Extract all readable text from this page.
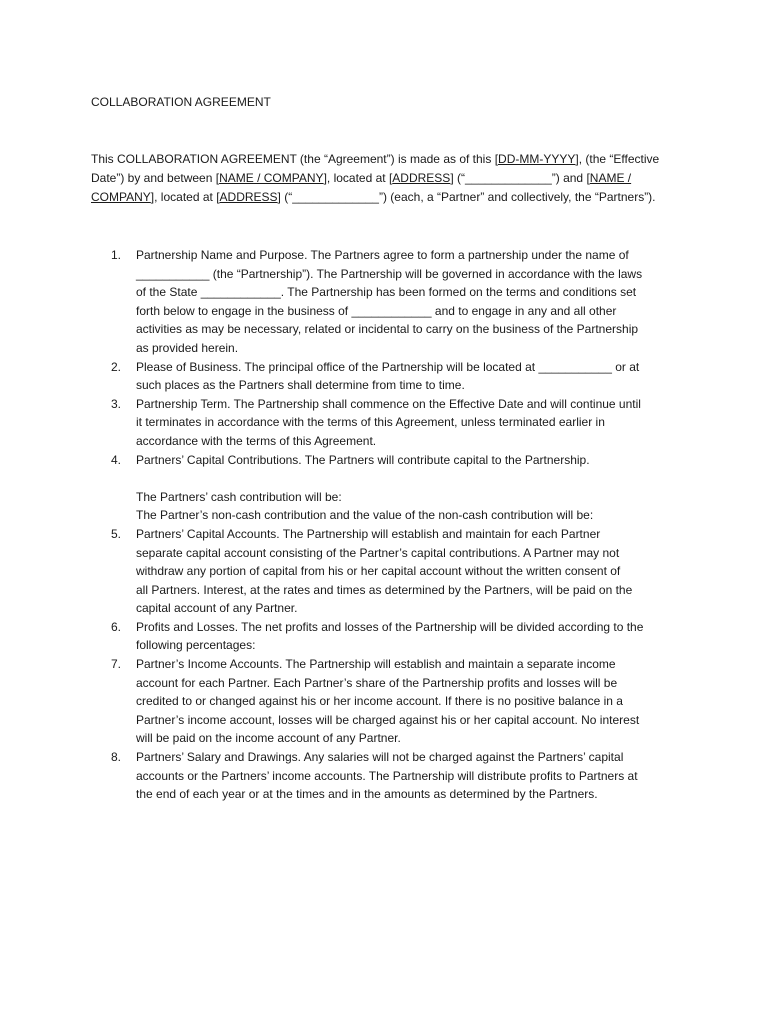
COLLABORATION AGREEMENT
This COLLABORATION AGREEMENT (the “Agreement”) is made as of this [DD-MM-YYYY], (the “Effective
Date”) by and between [NAME / COMPANY], located at [ADDRESS] (“_____________”) and [NAME /
COMPANY], located at [ADDRESS] (“_____________”) (each, a “Partner” and collectively, the “Partners”).
1. Partnership Name and Purpose. The Partners agree to form a partnership under the name of
___________ (the “Partnership”). The Partnership will be governed in accordance with the laws
of the State ____________. The Partnership has been formed on the terms and conditions set
forth below to engage in the business of ____________ and to engage in any and all other
activities as may be necessary, related or incidental to carry on the business of the Partnership
as provided herein.
2. Please of Business. The principal office of the Partnership will be located at ___________ or at
such places as the Partners shall determine from time to time.
3. Partnership Term. The Partnership shall commence on the Effective Date and will continue until
it terminates in accordance with the terms of this Agreement, unless terminated earlier in
accordance with the terms of this Agreement.
4. Partners’ Capital Contributions. The Partners will contribute capital to the Partnership.
The Partners’ cash contribution will be:
The Partner’s non-cash contribution and the value of the non-cash contribution will be:
5. Partners’ Capital Accounts. The Partnership will establish and maintain for each Partner
separate capital account consisting of the Partner’s capital contributions. A Partner may not
withdraw any portion of capital from his or her capital account without the written consent of
all Partners. Interest, at the rates and times as determined by the Partners, will be paid on the
capital account of any Partner.
6. Profits and Losses. The net profits and losses of the Partnership will be divided according to the
following percentages:
7. Partner’s Income Accounts. The Partnership will establish and maintain a separate income
account for each Partner. Each Partner’s share of the Partnership profits and losses will be
credited to or changed against his or her income account. If there is no positive balance in a
Partner’s income account, losses will be charged against his or her capital account. No interest
will be paid on the income account of any Partner.
8. Partners’ Salary and Drawings. Any salaries will not be charged against the Partners’ capital
accounts or the Partners’ income accounts. The Partnership will distribute profits to Partners at
the end of each year or at the times and in the amounts as determined by the Partners.
